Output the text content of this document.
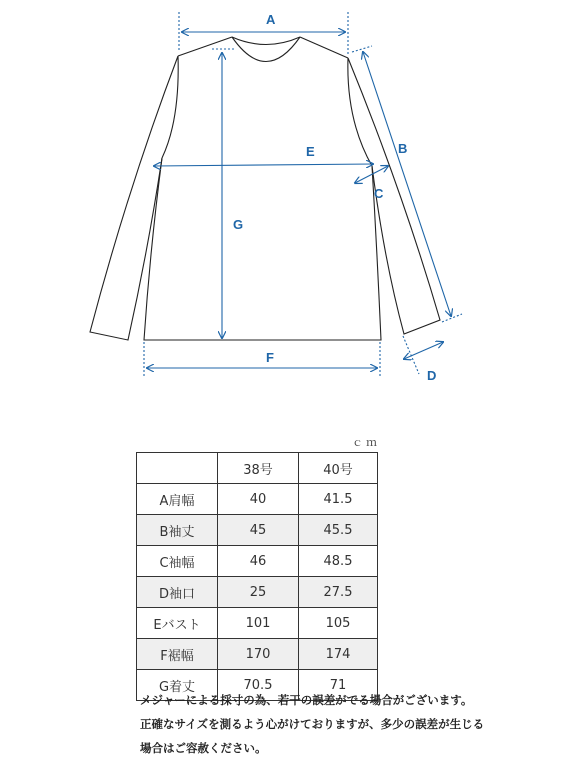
A
B
C
D
E
F
G
ｃｍ
	38号	40号
A肩幅	40	41.5
B袖丈	45	45.5
C袖幅	46	48.5
D袖口	25	27.5
Eバスト	101	105
F裾幅	170	174
G着丈	70.5	71
メジャーによる採寸の為、若干の誤差がでる場合がございます。
正確なサイズを測るよう心がけておりますが、多少の誤差が生じる
場合はご容赦ください。
